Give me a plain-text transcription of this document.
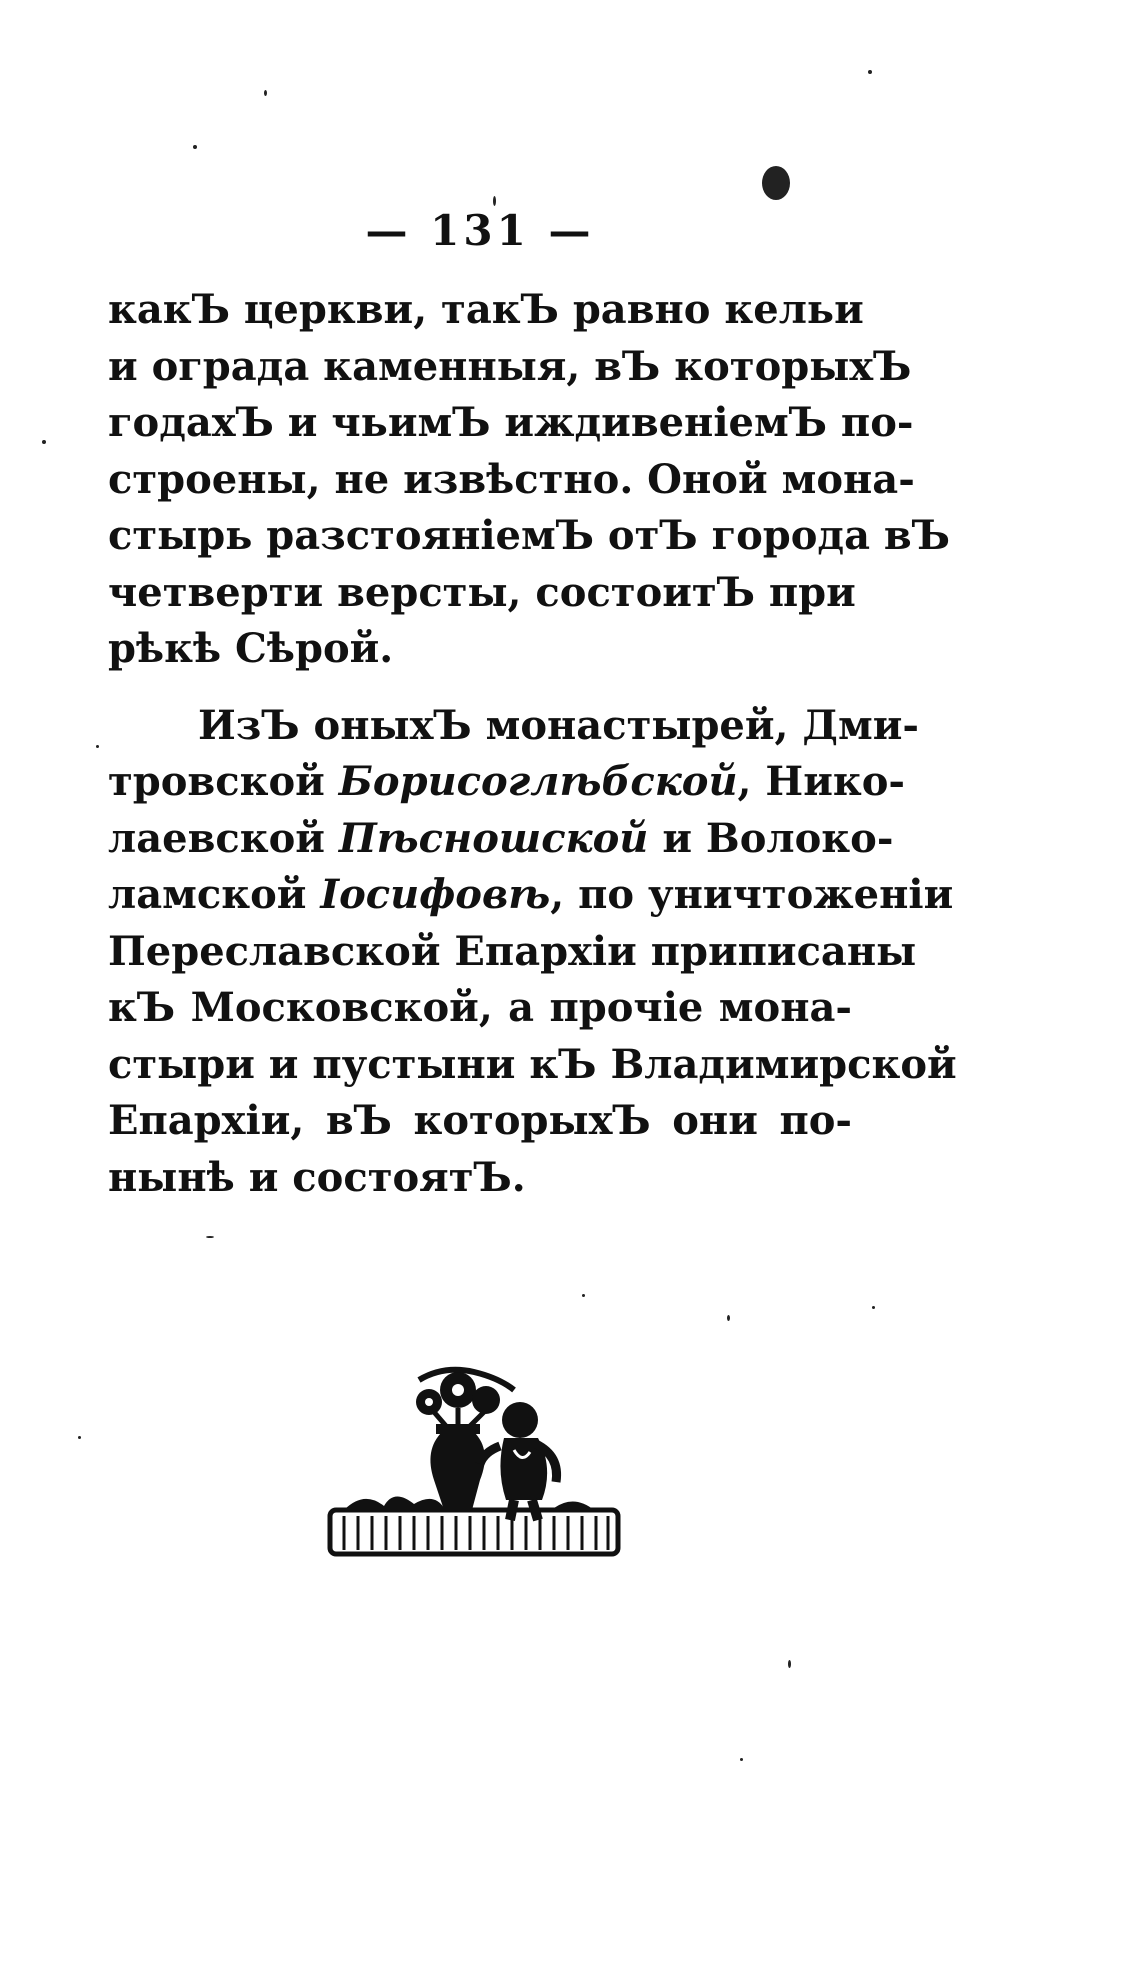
— 131 —
какЪ церкви, такЪ равно кельи
и ограда каменныя, вЪ которыхЪ
годахЪ и чьимЪ иждивеніемЪ по-
строены, не извѣстно. Оной мона-
стырь разстояніемЪ отЪ города вЪ
четверти версты, состоитЪ при
рѣкѣ Сѣрой.
ИзЪ оныхЪ монастырей, Дми-
тровской Борисоглѣбской, Нико-
лаевской Пѣсношской и Волоко-
ламской Іосифовѣ, по уничтоженіи
Переславской Епархіи приписаны
кЪ Московской, а прочіе мона-
стыри и пустыни кЪ Владимирской
Епархіи, вЪ которыхЪ они по-
нынѣ и состоятЪ.
